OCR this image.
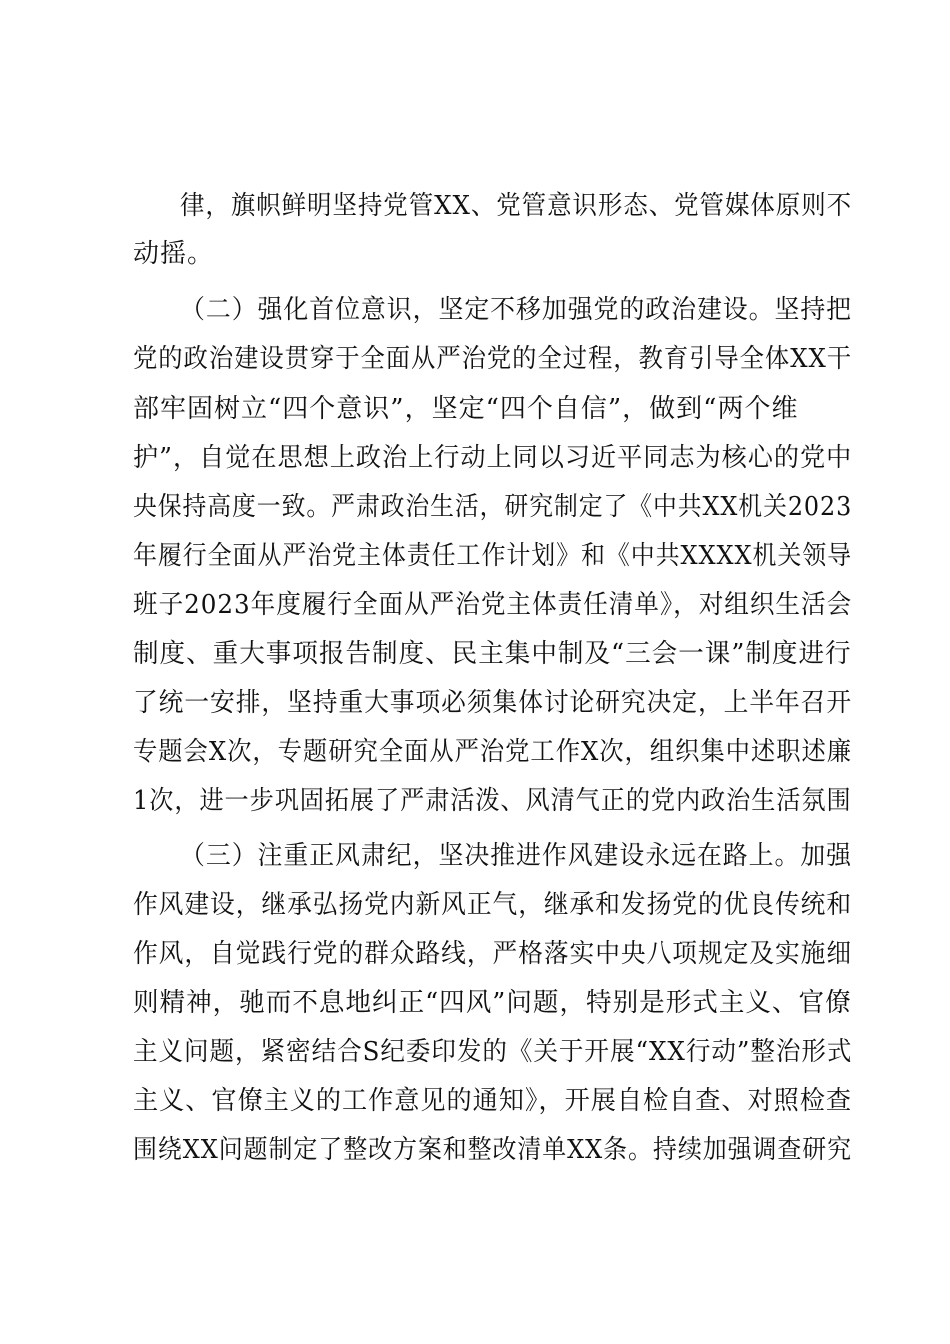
律，旗帜鲜明坚持党管XX、党管意识形态、党管媒体原则不

动摇。

（二）强化首位意识，坚定不移加强党的政治建设。坚持把

党的政治建设贯穿于全面从严治党的全过程，教育引导全体XX干

部牢固树立“四个意识”，坚定“四个自信”，做到“两个维

护”，自觉在思想上政治上行动上同以习近平同志为核心的党中

央保持高度一致。严肃政治生活，研究制定了《中共XX机关2023

年履行全面从严治党主体责任工作计划》和《中共XXXX机关领导

班子2023年度履行全面从严治党主体责任清单》，对组织生活会

制度、重大事项报告制度、民主集中制及“三会一课”制度进行

了统一安排，坚持重大事项必须集体讨论研究决定，上半年召开

专题会X次，专题研究全面从严治党工作X次，组织集中述职述廉

1次，进一步巩固拓展了严肃活泼、风清气正的党内政治生活氛围

（三）注重正风肃纪，坚决推进作风建设永远在路上。加强

作风建设，继承弘扬党内新风正气，继承和发扬党的优良传统和

作风，自觉践行党的群众路线，严格落实中央八项规定及实施细

则精神，驰而不息地纠正“四风”问题，特别是形式主义、官僚

主义问题，紧密结合S纪委印发的《关于开展“XX行动”整治形式

主义、官僚主义的工作意见的通知》，开展自检自查、对照检查

围绕XX问题制定了整改方案和整改清单XX条。持续加强调查研究
